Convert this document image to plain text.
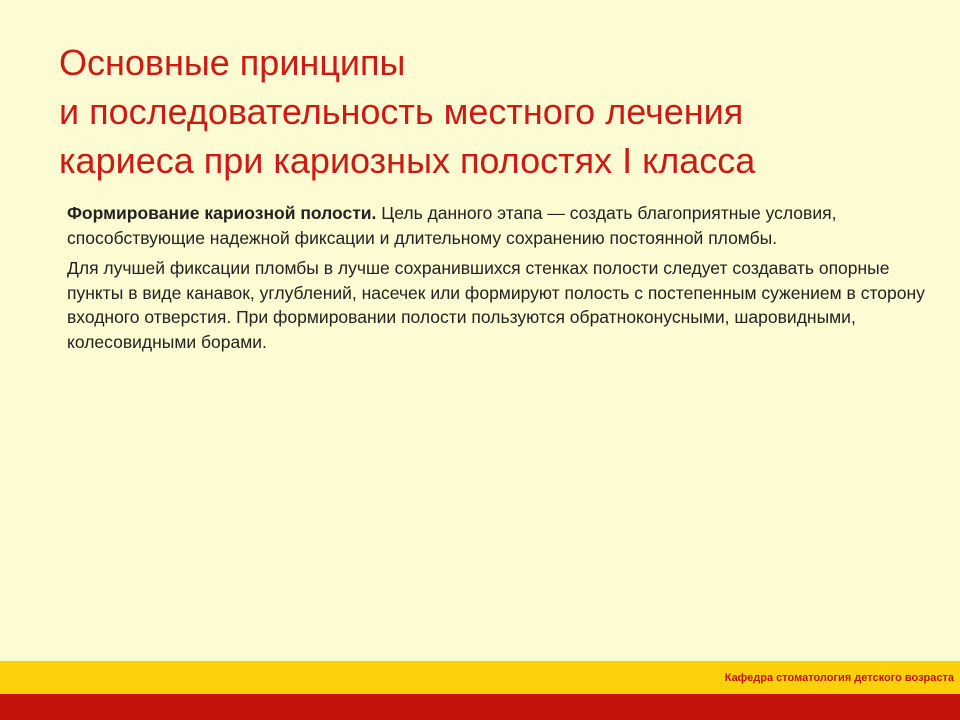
Основные принципы
и последовательность местного лечения
кариеса при кариозных полостях I класса

Формирование кариозной полости. Цель данного этапа — создать благоприятные условия, способствующие надежной фиксации и длительному сохранению постоянной пломбы.

Для лучшей фиксации пломбы в лучше сохранившихся стенках полости следует создавать опорные пункты в виде канавок, углублений, насечек или формируют полость с постепенным сужением в сторону входного отверстия. При формировании полости пользуются обратноконусными, шаровидными, колесовидными борами.

Кафедра стоматология детского возраста
